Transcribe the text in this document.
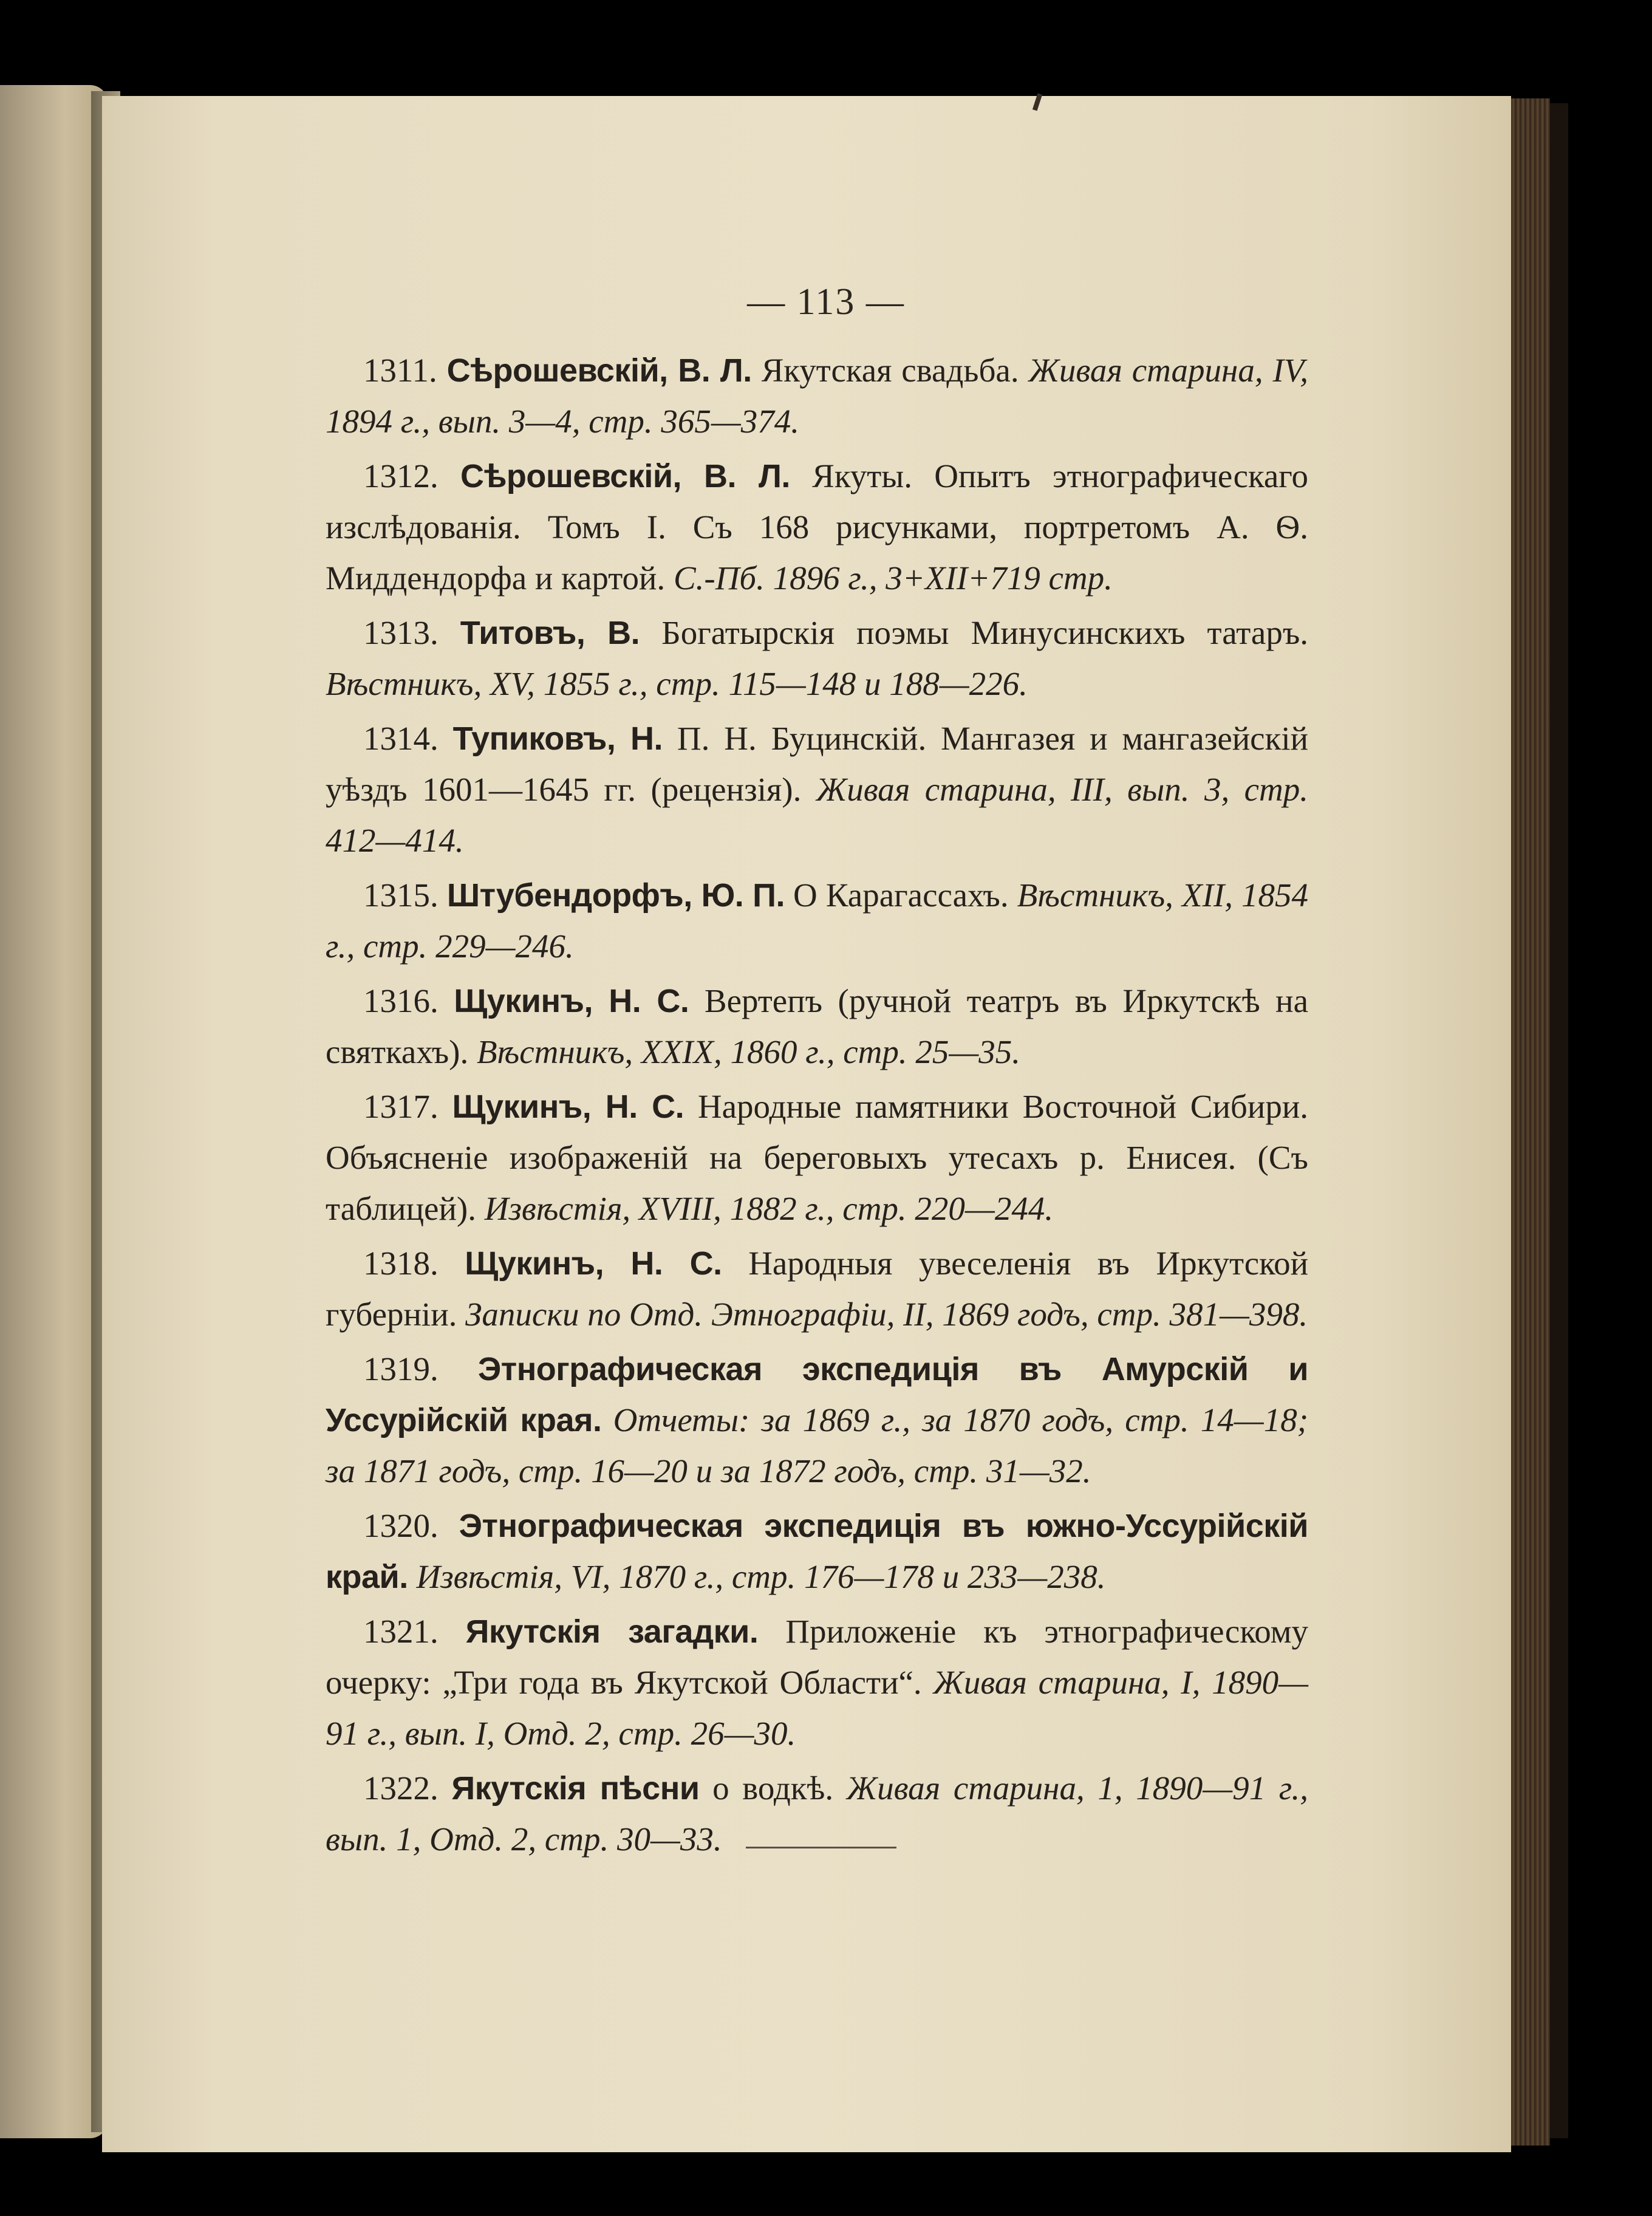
— 113 —

1311. Сѣрошевскій, В. Л. Якутская свадьба. Живая старина, IV, 1894 г., вып. 3—4, стр. 365—374.

1312. Сѣрошевскій, В. Л. Якуты. Опытъ этнографическаго изслѣдованія. Томъ I. Съ 168 рисунками, портретомъ А. Ѳ. Миддендорфа и картой. С.-Пб. 1896 г., 3+XII+719 стр.

1313. Титовъ, В. Богатырскія поэмы Минусинскихъ татаръ. Вѣстникъ, XV, 1855 г., стр. 115—148 и 188—226.

1314. Тупиковъ, Н. П. Н. Буцинскій. Мангазея и мангазейскій уѣздъ 1601—1645 гг. (рецензія). Живая старина, III, вып. 3, стр. 412—414.

1315. Штубендорфъ, Ю. П. О Карагассахъ. Вѣстникъ, XII, 1854 г., стр. 229—246.

1316. Щукинъ, Н. С. Вертепъ (ручной театръ въ Иркутскѣ на святкахъ). Вѣстникъ, XXIX, 1860 г., стр. 25—35.

1317. Щукинъ, Н. С. Народные памятники Восточной Сибири. Объясненіе изображеній на береговыхъ утесахъ р. Енисея. (Съ таблицей). Извѣстія, XVIII, 1882 г., стр. 220—244.

1318. Щукинъ, Н. С. Народныя увеселенія въ Иркутской губерніи. Записки по Отд. Этнографіи, II, 1869 годъ, стр. 381—398.

1319. Этнографическая экспедиція въ Амурскій и Уссурійскій края. Отчеты: за 1869 г., за 1870 годъ, стр. 14—18; за 1871 годъ, стр. 16—20 и за 1872 годъ, стр. 31—32.

1320. Этнографическая экспедиція въ южно-Уссурійскій край. Извѣстія, VI, 1870 г., стр. 176—178 и 233—238.

1321. Якутскія загадки. Приложеніе къ этнографическому очерку: „Три года въ Якутской Области“. Живая старина, I, 1890—91 г., вып. I, Отд. 2, стр. 26—30.

1322. Якутскія пѣсни о водкѣ. Живая старина, 1, 1890—91 г., вып. 1, Отд. 2, стр. 30—33.
